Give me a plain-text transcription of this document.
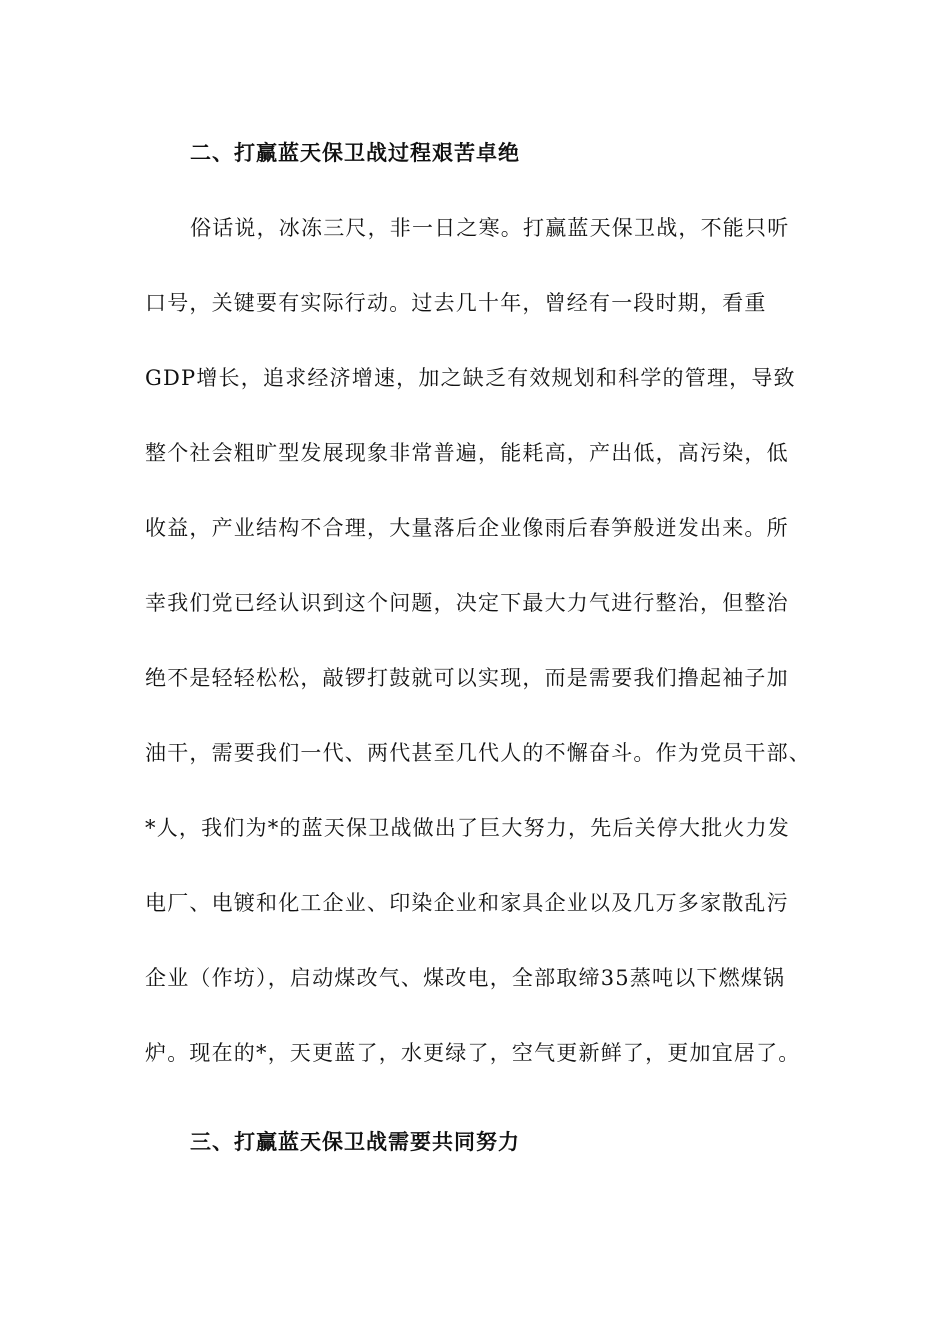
二、打赢蓝天保卫战过程艰苦卓绝
俗话说，冰冻三尺，非一日之寒。打赢蓝天保卫战，不能只听
口号，关键要有实际行动。过去几十年，曾经有一段时期，看重
GDP增长，追求经济增速，加之缺乏有效规划和科学的管理，导致
整个社会粗旷型发展现象非常普遍，能耗高，产出低，高污染，低
收益，产业结构不合理，大量落后企业像雨后春笋般迸发出来。所
幸我们党已经认识到这个问题，决定下最大力气进行整治，但整治
绝不是轻轻松松，敲锣打鼓就可以实现，而是需要我们撸起袖子加
油干，需要我们一代、两代甚至几代人的不懈奋斗。作为党员干部、
*人，我们为*的蓝天保卫战做出了巨大努力，先后关停大批火力发
电厂、电镀和化工企业、印染企业和家具企业以及几万多家散乱污
企业（作坊），启动煤改气、煤改电，全部取缔35蒸吨以下燃煤锅
炉。现在的*，天更蓝了，水更绿了，空气更新鲜了，更加宜居了。
三、打赢蓝天保卫战需要共同努力
